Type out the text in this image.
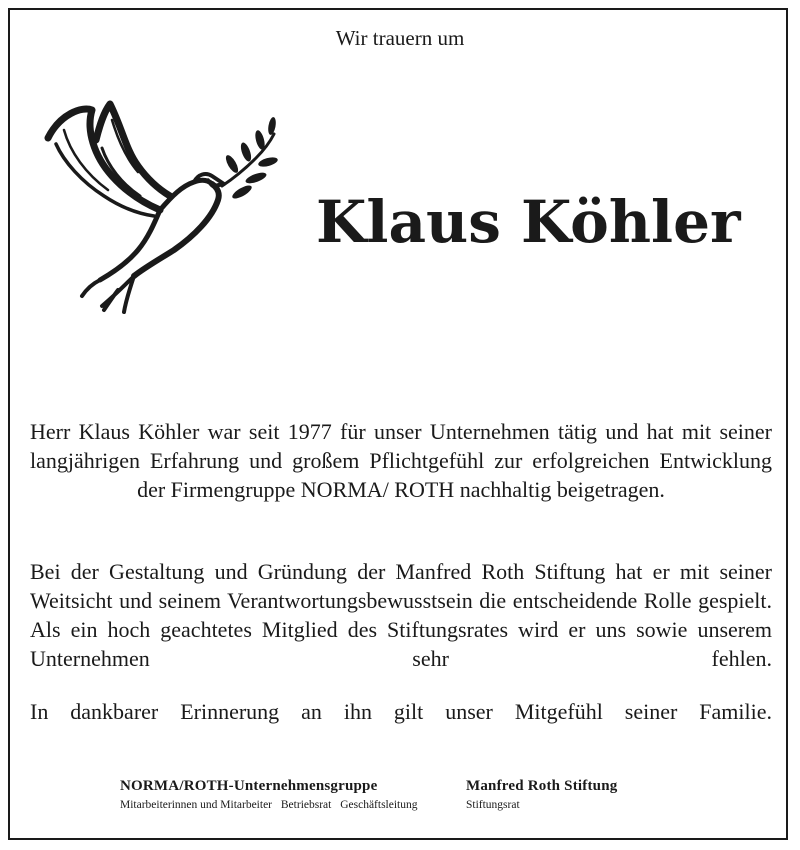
Wir trauern um
Klaus Köhler

Herr Klaus Köhler war seit 1977 für unser Unternehmen tätig und hat mit seiner langjährigen Erfahrung und großem Pflichtgefühl zur erfolgreichen Entwicklung der Firmengruppe NORMA/ ROTH nachhaltig beigetragen.

Bei der Gestaltung und Gründung der Manfred Roth Stiftung hat er mit seiner Weitsicht und seinem Verantwortungsbewusstsein die entscheidende Rolle gespielt. Als ein hoch geachtetes Mitglied des Stiftungsrates wird er uns sowie unserem Unternehmen sehr fehlen.

In dankbarer Erinnerung an ihn gilt unser Mitgefühl seiner Familie.

NORMA/ROTH-Unternehmensgruppe
Mitarbeiterinnen und Mitarbeiter Betriebsrat Geschäftsleitung
Manfred Roth Stiftung
Stiftungsrat
